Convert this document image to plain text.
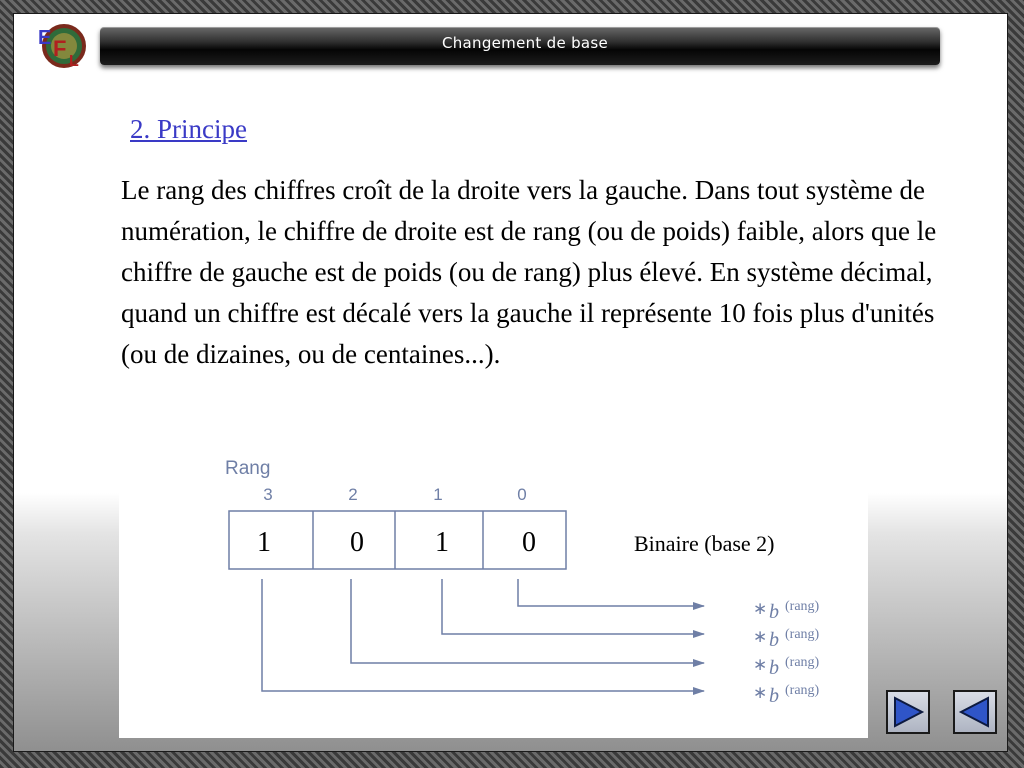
E F
L
Changement de base
2. Principe

Le rang des chiffres croît de la droite vers la gauche. Dans tout système de numération, le chiffre de droite est de rang (ou de poids) faible, alors que le chiffre de gauche est de poids (ou de rang) plus élevé. En système décimal, quand un chiffre est décalé vers la gauche il représente 10 fois plus d'unités (ou de dizaines, ou de centaines...).

Rang
3	2	1	0
1	0	1	0
∗ b (rang)
∗ b (rang)
∗ b (rang)
∗ b (rang)
Binaire (base 2)
